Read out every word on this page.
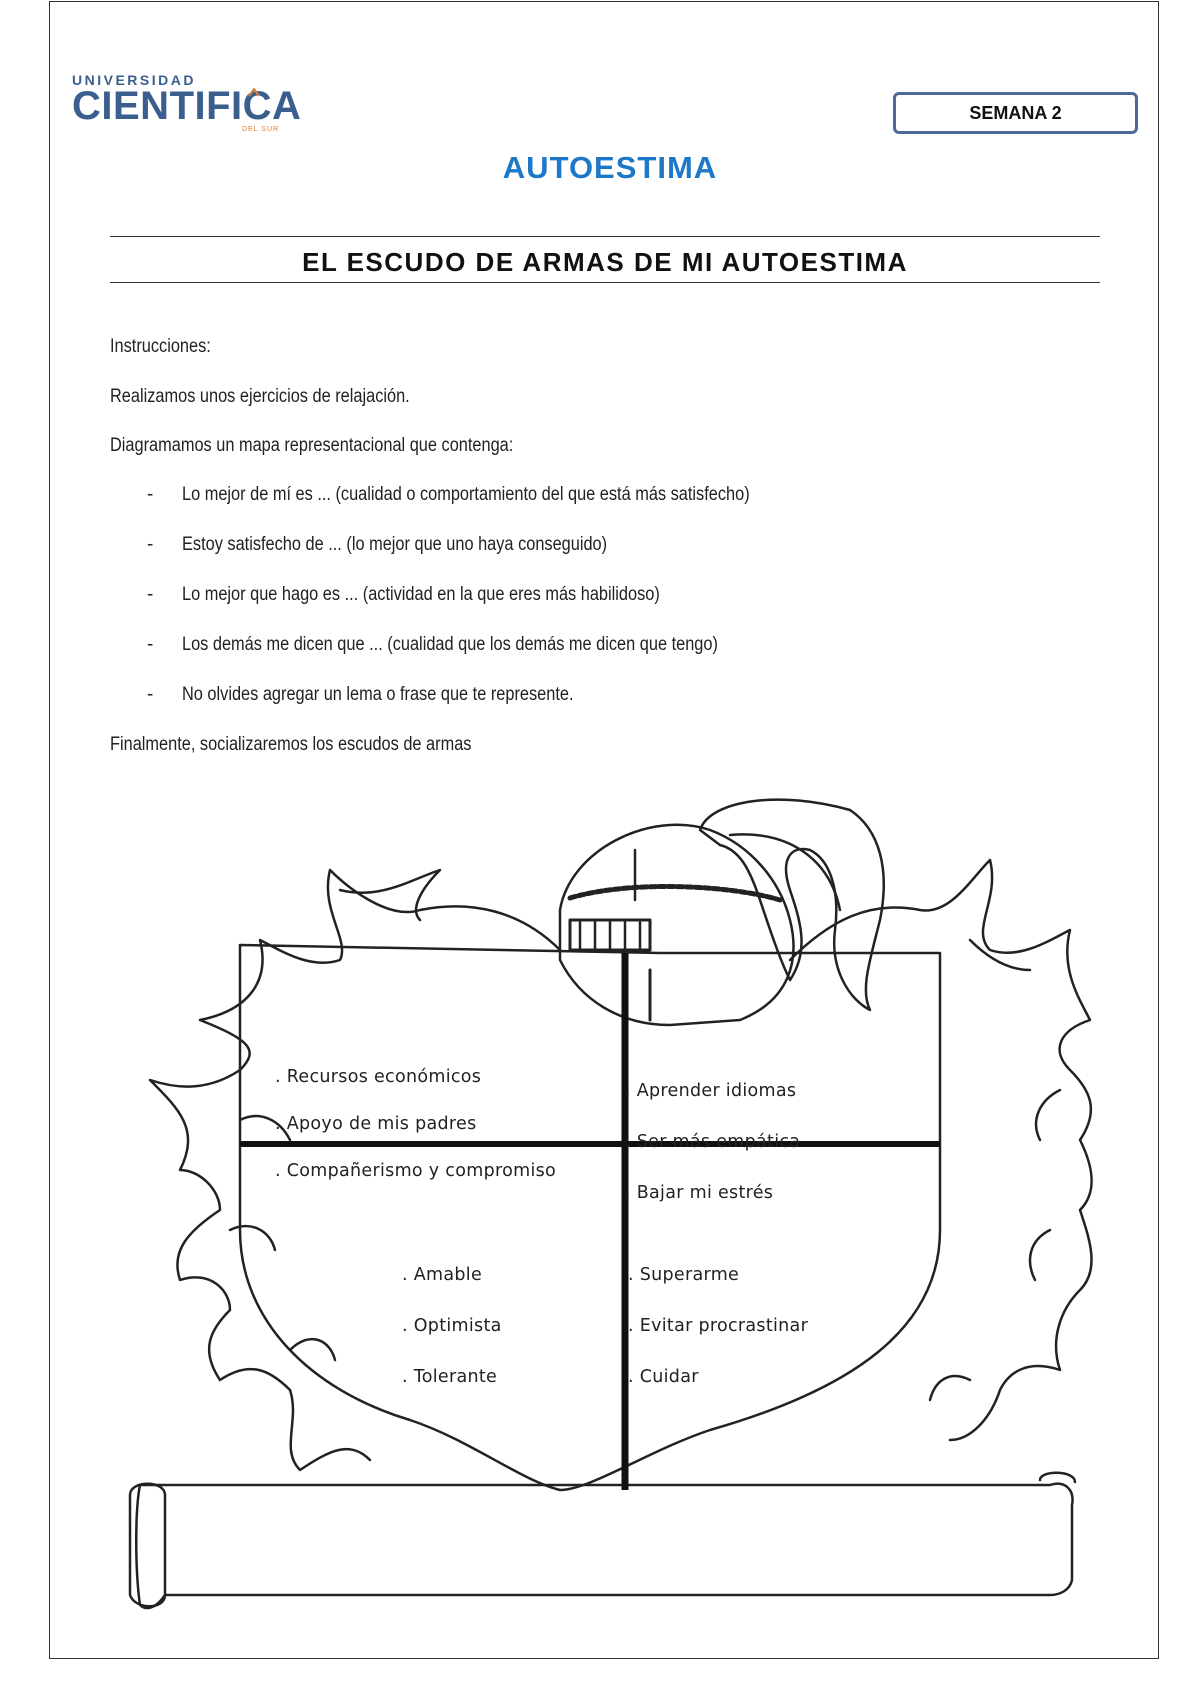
UNIVERSIDAD
CIENTIFICA
DEL SUR
SEMANA 2
AUTOESTIMA
EL ESCUDO DE ARMAS DE MI AUTOESTIMA
Instrucciones:
Realizamos unos ejercicios de relajación.
Diagramamos un mapa representacional que contenga:
- Lo mejor de mí es ... (cualidad o comportamiento del que está más satisfecho)
- Estoy satisfecho de ... (lo mejor que uno haya conseguido)
- Lo mejor que hago es ... (actividad en la que eres más habilidoso)
- Los demás me dicen que ... (cualidad que los demás me dicen que tengo)
- No olvides agregar un lema o frase que te represente.
Finalmente, socializaremos los escudos de armas
. Recursos económicos
. Apoyo de mis padres
. Compañerismo y compromiso
. Aprender idiomas
. Ser más empática
. Bajar mi estrés
. Amable
. Optimista
. Tolerante
. Superarme
. Evitar procrastinar
. Cuidar
